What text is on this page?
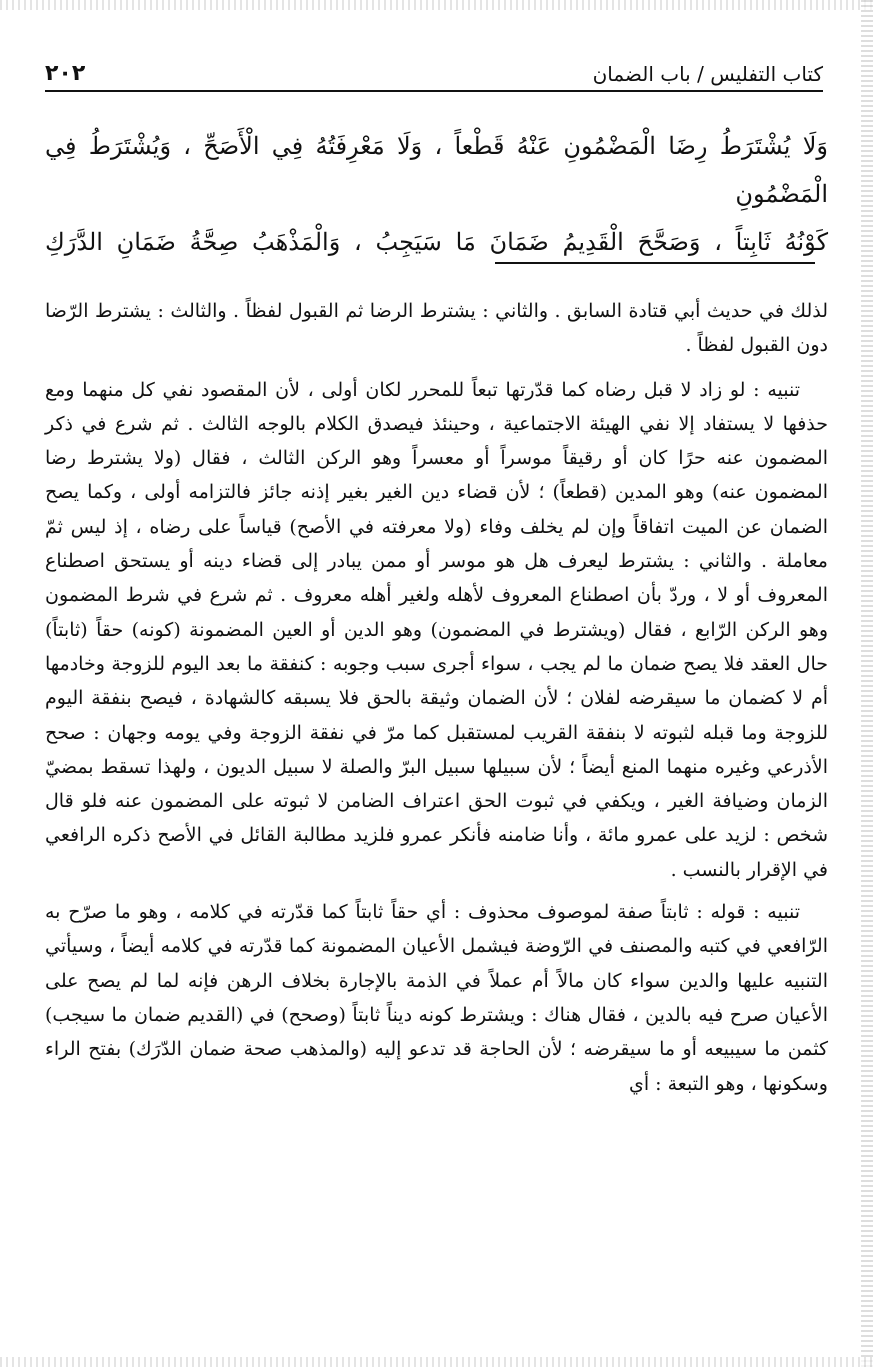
كتاب التفليس / باب الضمان
٢٠٢

وَلَا يُشْتَرَطُ رِضَا الْمَضْمُونِ عَنْهُ قَطْعاً ، وَلَا مَعْرِفَتُهُ فِي الْأَصَحِّ ، وَيُشْتَرَطُ فِي الْمَضْمُونِ

كَوْنُهُ ثَابِتاً ، وَصَحَّحَ الْقَدِيمُ ضَمَانَ مَا سَيَجِبُ ، وَالْمَذْهَبُ صِحَّةُ ضَمَانِ الدَّرَكِ

لذلك في حديث أبي قتادة السابق . والثاني : يشترط الرضا ثم القبول لفظاً . والثالث : يشترط الرّضا دون القبول لفظاً .

تنبيه : لو زاد لا قبل رضاه كما قدّرتها تبعاً للمحرر لكان أولى ، لأن المقصود نفي كل منهما ومع حذفها لا يستفاد إلا نفي الهيئة الاجتماعية ، وحينئذ فيصدق الكلام بالوجه الثالث . ثم شرع في ذكر المضمون عنه حرًا كان أو رقيقاً موسراً أو معسراً وهو الركن الثالث ، فقال (ولا يشترط رضا المضمون عنه) وهو المدين (قطعاً) ؛ لأن قضاء دين الغير بغير إذنه جائز فالتزامه أولى ، وكما يصح الضمان عن الميت اتفاقاً وإن لم يخلف وفاء (ولا معرفته في الأصح) قياساً على رضاه ، إذ ليس ثمّ معاملة . والثاني : يشترط ليعرف هل هو موسر أو ممن يبادر إلى قضاء دينه أو يستحق اصطناع المعروف أو لا ، وردّ بأن اصطناع المعروف لأهله ولغير أهله معروف . ثم شرع في شرط المضمون وهو الركن الرّابع ، فقال (ويشترط في المضمون) وهو الدين أو العين المضمونة (كونه) حقاً (ثابتاً) حال العقد فلا يصح ضمان ما لم يجب ، سواء أجرى سبب وجوبه : كنفقة ما بعد اليوم للزوجة وخادمها أم لا كضمان ما سيقرضه لفلان ؛ لأن الضمان وثيقة بالحق فلا يسبقه كالشهادة ، فيصح بنفقة اليوم للزوجة وما قبله لثبوته لا بنفقة القريب لمستقبل كما مرّ في نفقة الزوجة وفي يومه وجهان : صحح الأذرعي وغيره منهما المنع أيضاً ؛ لأن سبيلها سبيل البرّ والصلة لا سبيل الديون ، ولهذا تسقط بمضيّ الزمان وضيافة الغير ، ويكفي في ثبوت الحق اعتراف الضامن لا ثبوته على المضمون عنه فلو قال شخص : لزيد على عمرو مائة ، وأنا ضامنه فأنكر عمرو فلزيد مطالبة القائل في الأصح ذكره الرافعي في الإقرار بالنسب .

تنبيه : قوله : ثابتاً صفة لموصوف محذوف : أي حقاً ثابتاً كما قدّرته في كلامه ، وهو ما صرّح به الرّافعي في كتبه والمصنف في الرّوضة فيشمل الأعيان المضمونة كما قدّرته في كلامه أيضاً ، وسيأتي التنبيه عليها والدين سواء كان مالاً أم عملاً في الذمة بالإجارة بخلاف الرهن فإنه لما لم يصح على الأعيان صرح فيه بالدين ، فقال هناك : ويشترط كونه ديناً ثابتاً (وصحح) في (القديم ضمان ما سيجب) كثمن ما سيبيعه أو ما سيقرضه ؛ لأن الحاجة قد تدعو إليه (والمذهب صحة ضمان الدّرَك) بفتح الراء وسكونها ، وهو التبعة : أي
